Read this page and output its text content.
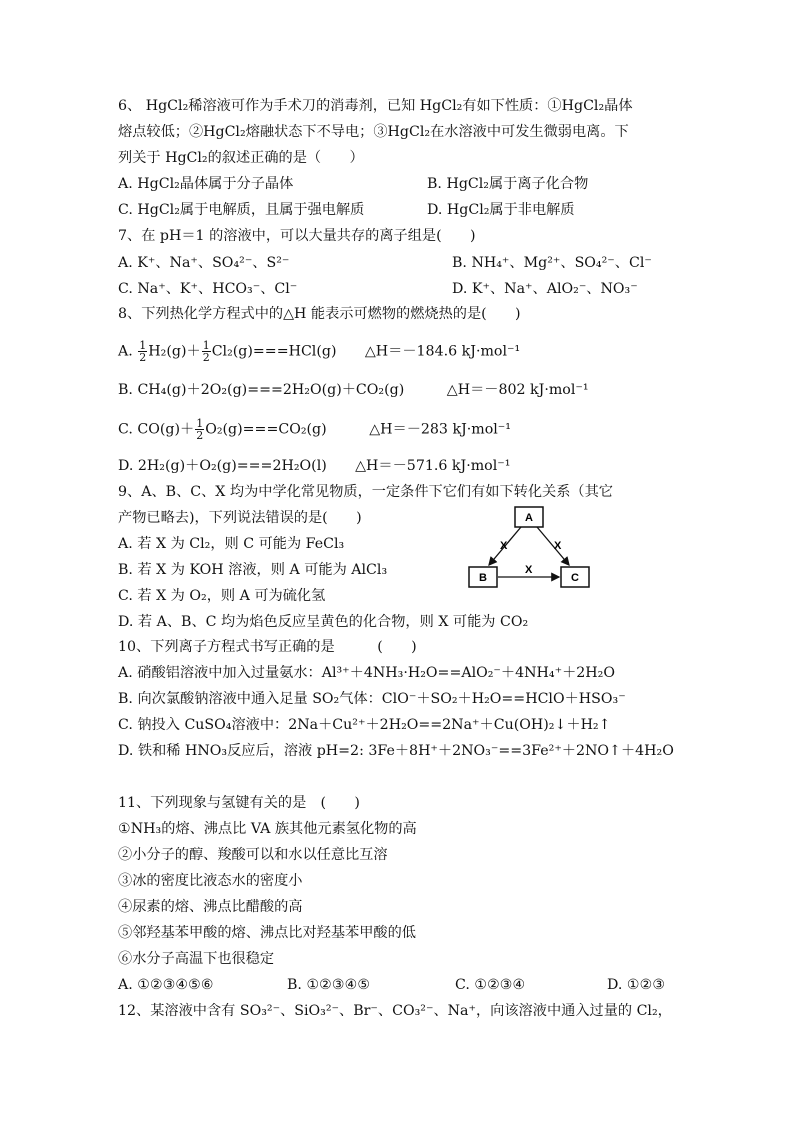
6、 HgCl₂稀溶液可作为手术刀的消毒剂，已知 HgCl₂有如下性质：①HgCl₂晶体
熔点较低；②HgCl₂熔融状态下不导电；③HgCl₂在水溶液中可发生微弱电离。下
列关于 HgCl₂的叙述正确的是（　　）
A. HgCl₂晶体属于分子晶体	B. HgCl₂属于离子化合物
C. HgCl₂属于电解质，且属于强电解质	D. HgCl₂属于非电解质
7、在 pH＝1 的溶液中，可以大量共存的离子组是(　　)
A. K⁺、Na⁺、SO₄²⁻、S²⁻	B. NH₄⁺、Mg²⁺、SO₄²⁻、Cl⁻
C. Na⁺、K⁺、HCO₃⁻、Cl⁻	D. K⁺、Na⁺、AlO₂⁻、NO₃⁻
8、下列热化学方程式中的△H 能表示可燃物的燃烧热的是(　　)
A. $\frac{1}{2} H_2(g)+ \frac{1}{2} Cl_2(g)===HCl(g)$　　△H＝－184.6 kJ·mol⁻¹
B. CH₄(g)＋2O₂(g)===2H₂O(g)＋CO₂(g)　　　△H＝－802 kJ·mol⁻¹
C. $CO(g)+ \frac{1}{2} O_2(g)===CO_2(g)$　　　△H＝－283 kJ·mol⁻¹
D. 2H₂(g)＋O₂(g)===2H₂O(l)　　△H＝－571.6 kJ·mol⁻¹
9、A、B、C、X 均为中学化常见物质，一定条件下它们有如下转化关系（其它
产物已略去)，下列说法错误的是(　　)
A. 若 X 为 Cl₂，则 C 可能为 FeCl₃
B. 若 X 为 KOH 溶液，则 A 可能为 AlCl₃
C. 若 X 为 O₂，则 A 可为硫化氢
D. 若 A、B、C 均为焰色反应呈黄色的化合物，则 X 可能为 CO₂
A
B	C
X	X
X
10、下列离子方程式书写正确的是　　　(　　)
A. 硝酸铝溶液中加入过量氨水：Al³⁺＋4NH₃·H₂O==AlO₂⁻＋4NH₄⁺＋2H₂O
B. 向次氯酸钠溶液中通入足量 SO₂气体：ClO⁻＋SO₂＋H₂O==HClO＋HSO₃⁻
C. 钠投入 CuSO₄溶液中：2Na＋Cu²⁺＋2H₂O==2Na⁺＋Cu(OH)₂↓＋H₂↑
D. 铁和稀 HNO₃反应后，溶液 pH=2: 3Fe＋8H⁺＋2NO₃⁻==3Fe²⁺＋2NO↑＋4H₂O
11、下列现象与氢键有关的是　(　　)
①NH₃的熔、沸点比 VA 族其他元素氢化物的高
②小分子的醇、羧酸可以和水以任意比互溶
③冰的密度比液态水的密度小
④尿素的熔、沸点比醋酸的高
⑤邻羟基苯甲酸的熔、沸点比对羟基苯甲酸的低
⑥水分子高温下也很稳定
A. ①②③④⑤⑥	B. ①②③④⑤	C. ①②③④	D. ①②③
12、某溶液中含有 SO₃²⁻、SiO₃²⁻、Br⁻、CO₃²⁻、Na⁺，向该溶液中通入过量的 Cl₂，
